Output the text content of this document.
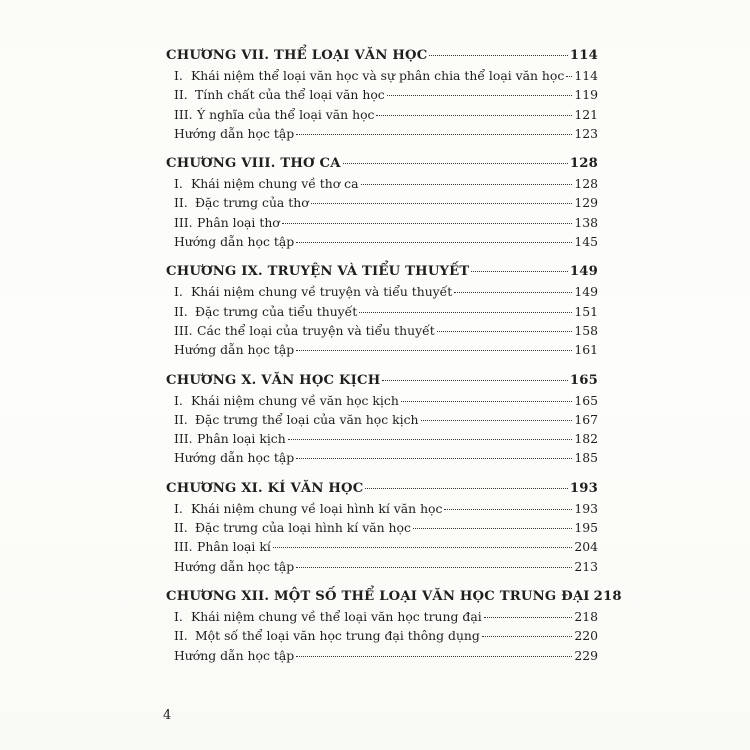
CHƯƠNG VII. THỂ LOẠI VĂN HỌC	114
I. Khái niệm thể loại văn học và sự phân chia thể loại văn học 114
II. Tính chất của thể loại văn học	119
III. Ý nghĩa của thể loại văn học	121
Hướng dẫn học tập	123
CHƯƠNG VIII. THƠ CA	128
I. Khái niệm chung về thơ ca	128
II. Đặc trưng của thơ	129
III. Phân loại thơ	138
Hướng dẫn học tập	145
CHƯƠNG IX. TRUYỆN VÀ TIỂU THUYẾT	149
I. Khái niệm chung về truyện và tiểu thuyết	149
II. Đặc trưng của tiểu thuyết	151
III. Các thể loại của truyện và tiểu thuyết	158
Hướng dẫn học tập	161
CHƯƠNG X. VĂN HỌC KỊCH	165
I. Khái niệm chung về văn học kịch	165
II. Đặc trưng thể loại của văn học kịch	167
III. Phân loại kịch	182
Hướng dẫn học tập	185
CHƯƠNG XI. KÍ VĂN HỌC	193
I. Khái niệm chung về loại hình kí văn học	193
II. Đặc trưng của loại hình kí văn học	195
III. Phân loại kí	204
Hướng dẫn học tập	213
CHƯƠNG XII. MỘT SỐ THỂ LOẠI VĂN HỌC TRUNG ĐẠI 218
I. Khái niệm chung về thể loại văn học trung đại	218
II. Một số thể loại văn học trung đại thông dụng	220
Hướng dẫn học tập	229
4
